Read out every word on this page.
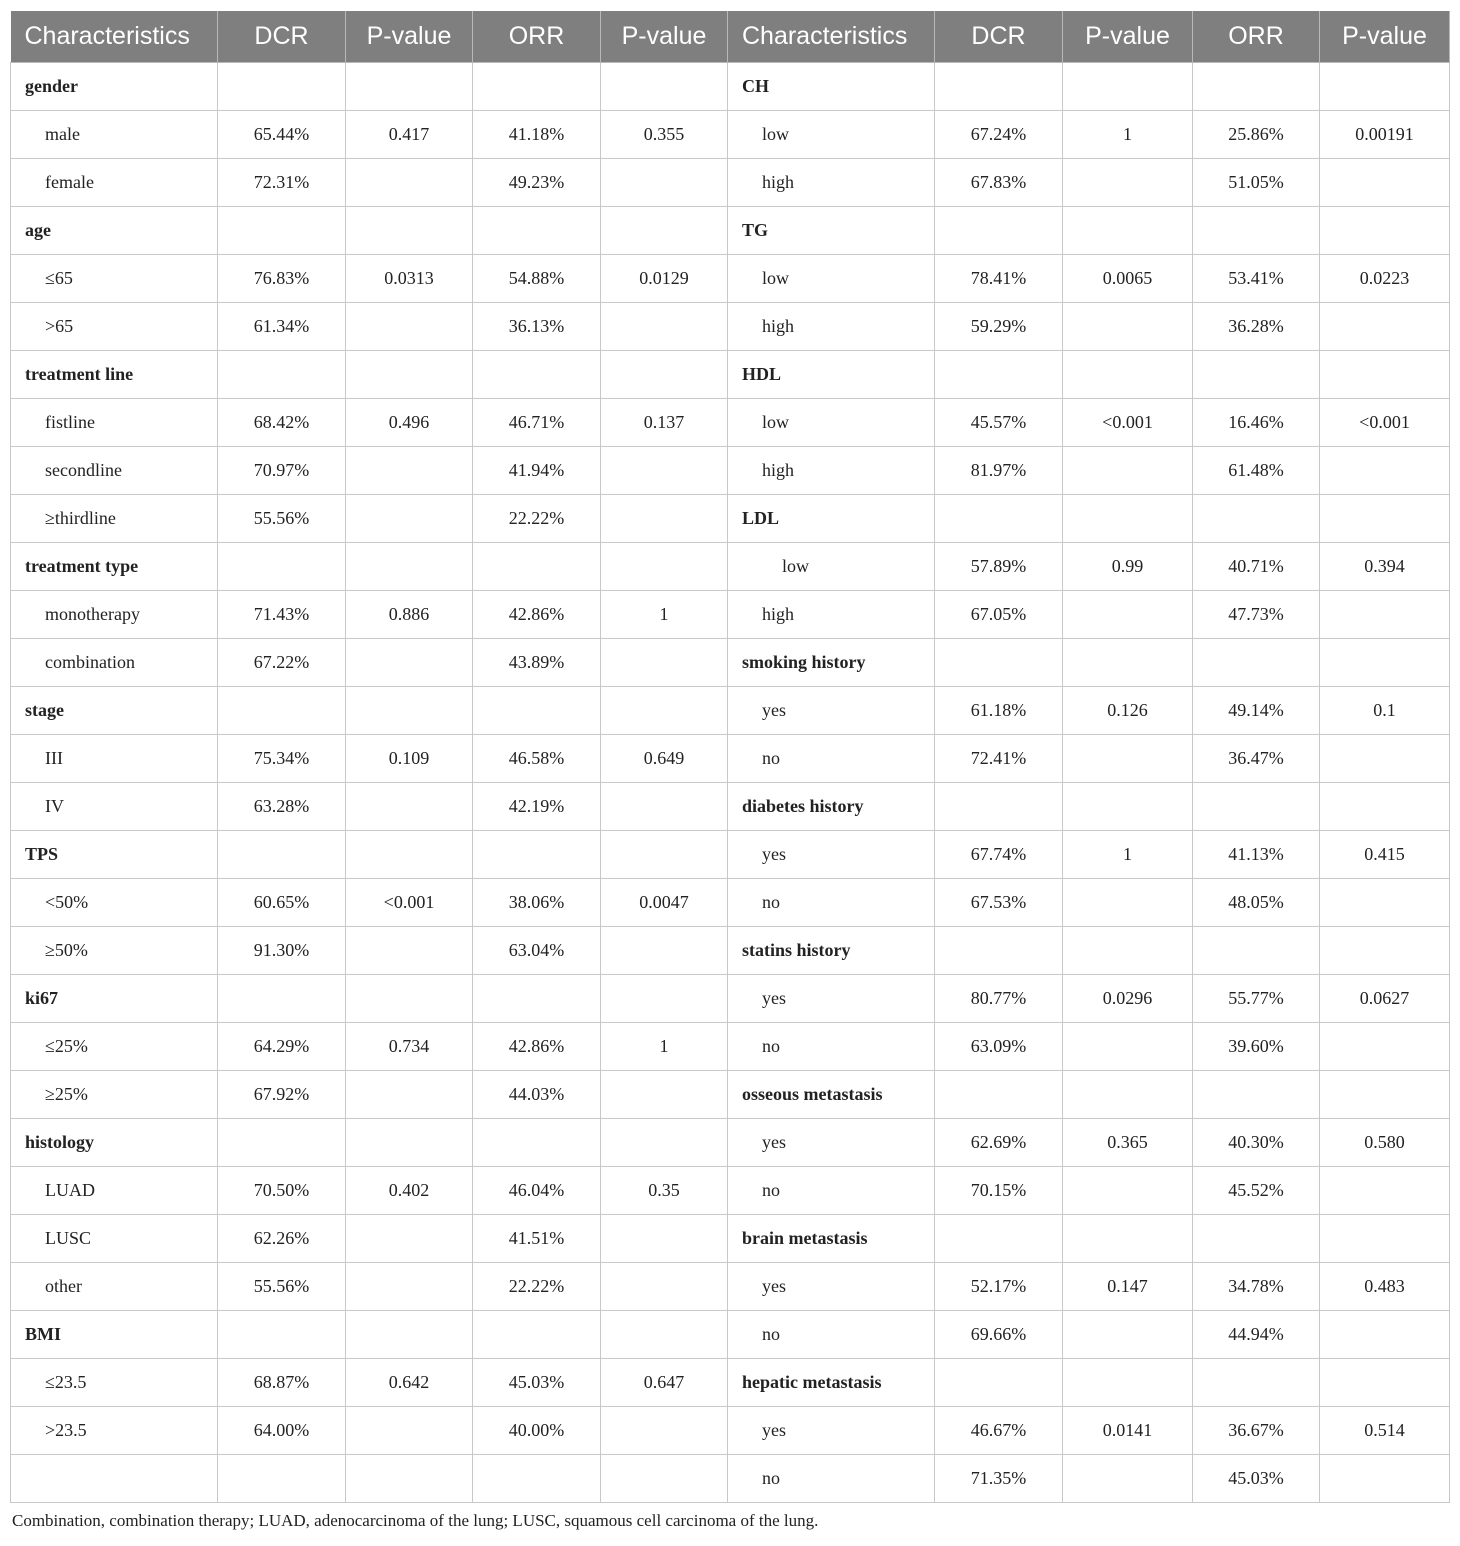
Characteristics	DCR	P-value	ORR	P-value	Characteristics	DCR	P-value	ORR	P-value
gender					CH				
male	65.44%	0.417	41.18%	0.355	low	67.24%	1	25.86%	0.00191
female	72.31%		49.23%		high	67.83%		51.05%	
age					TG				
≤65	76.83%	0.0313	54.88%	0.0129	low	78.41%	0.0065	53.41%	0.0223
>65	61.34%		36.13%		high	59.29%		36.28%	
treatment line					HDL				
fistline	68.42%	0.496	46.71%	0.137	low	45.57%	<0.001	16.46%	<0.001
secondline	70.97%		41.94%		high	81.97%		61.48%	
≥thirdline	55.56%		22.22%		LDL				
treatment type					low	57.89%	0.99	40.71%	0.394
monotherapy	71.43%	0.886	42.86%	1	high	67.05%		47.73%	
combination	67.22%		43.89%		smoking history				
stage					yes	61.18%	0.126	49.14%	0.1
III	75.34%	0.109	46.58%	0.649	no	72.41%		36.47%	
IV	63.28%		42.19%		diabetes history				
TPS					yes	67.74%	1	41.13%	0.415
<50%	60.65%	<0.001	38.06%	0.0047	no	67.53%		48.05%	
≥50%	91.30%		63.04%		statins history				
ki67					yes	80.77%	0.0296	55.77%	0.0627
≤25%	64.29%	0.734	42.86%	1	no	63.09%		39.60%	
≥25%	67.92%		44.03%		osseous metastasis				
histology					yes	62.69%	0.365	40.30%	0.580
LUAD	70.50%	0.402	46.04%	0.35	no	70.15%		45.52%	
LUSC	62.26%		41.51%		brain metastasis				
other	55.56%		22.22%		yes	52.17%	0.147	34.78%	0.483
BMI					no	69.66%		44.94%	
≤23.5	68.87%	0.642	45.03%	0.647	hepatic metastasis				
>23.5	64.00%		40.00%		yes	46.67%	0.0141	36.67%	0.514
					no	71.35%		45.03%	
Combination, combination therapy; LUAD, adenocarcinoma of the lung; LUSC, squamous cell carcinoma of the lung.
